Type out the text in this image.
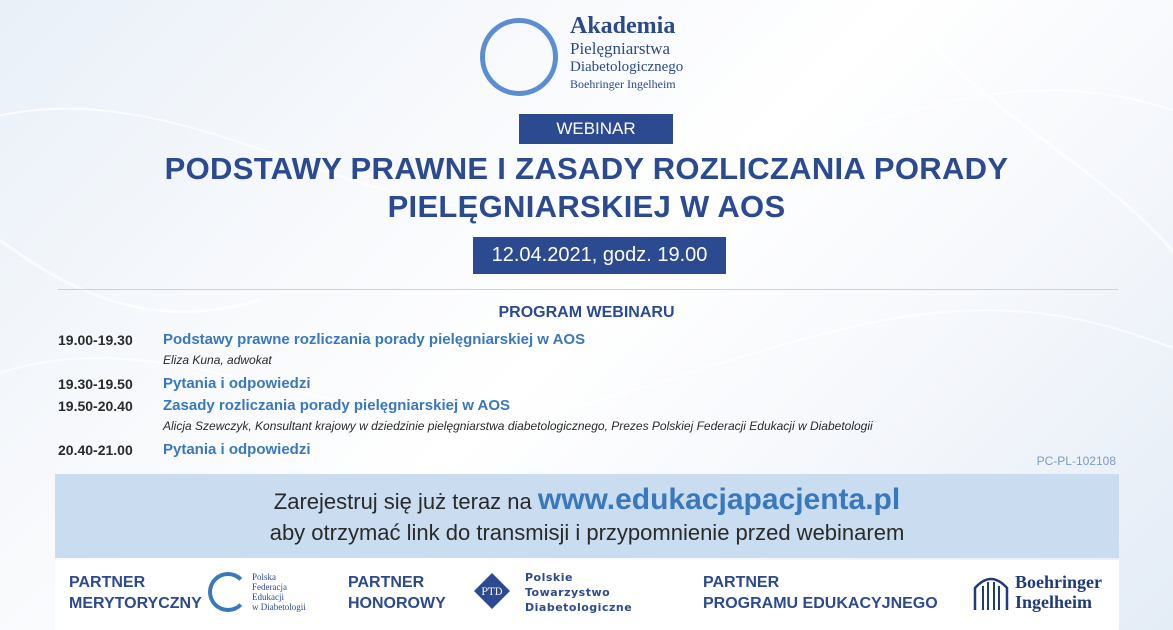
Akademia
Pielęgniarstwa
Diabetologicznego
Boehringer Ingelheim
WEBINAR
PODSTAWY PRAWNE I ZASADY ROZLICZANIA PORADY
PIELĘGNIARSKIEJ W AOS
12.04.2021, godz. 19.00
PROGRAM WEBINARU
19.00-19.30 Podstawy prawne rozliczania porady pielęgniarskiej w AOS
Eliza Kuna, adwokat
19.30-19.50 Pytania i odpowiedzi
19.50-20.40 Zasady rozliczania porady pielęgniarskiej w AOS
Alicja Szewczyk, Konsultant krajowy w dziedzinie pielęgniarstwa diabetologicznego, Prezes Polskiej Federacji Edukacji w Diabetologii
20.40-21.00 Pytania i odpowiedzi
PC-PL-102108
Zarejestruj się już teraz na www.edukacjapacjenta.pl
aby otrzymać link do transmisji i przypomnienie przed webinarem
PARTNER
MERYTORYCZNY
Polska
Federacja
Edukacji
w Diabetologii
PARTNER
HONOROWY
PTD
Polskie
Towarzystwo
Diabetologiczne
PARTNER
PROGRAMU EDUKACYJNEGO
Boehringer
Ingelheim
